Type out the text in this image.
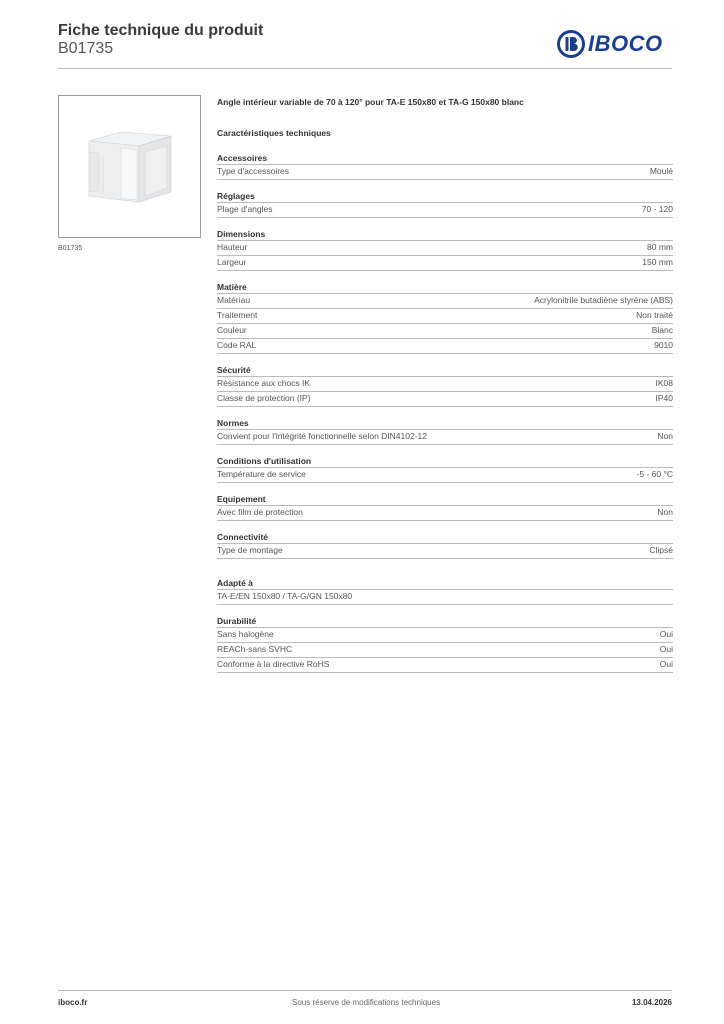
Fiche technique du produit
B01735	IBOCO
B01735
Angle intérieur variable de 70 à 120° pour TA-E 150x80 et TA-G 150x80 blanc
Caractéristiques techniques
Accessoires
Type d'accessoires	Moulé
Réglages
Plage d'angles	70 - 120
Dimensions
Hauteur	80 mm
Largeur	150 mm
Matière
Matériau	Acrylonitrile butadiène styrène (ABS)
Traitement	Non traité
Couleur	Blanc
Code RAL	9010
Sécurité
Résistance aux chocs IK	IK08
Classe de protection (IP)	IP40
Normes
Convient pour l'intégrité fonctionnelle selon DIN4102-12	Non
Conditions d'utilisation
Température de service	-5 - 60 °C
Equipement
Avec film de protection	Non
Connectivité
Type de montage	Clipsé
Adapté à
TA-E/EN 150x80 / TA-G/GN 150x80
Durabilité
Sans halogène	Oui
REACh-sans SVHC	Oui
Conforme à la directive RoHS	Oui
iboco.fr	Sous réserve de modifications techniques	13.04.2026
